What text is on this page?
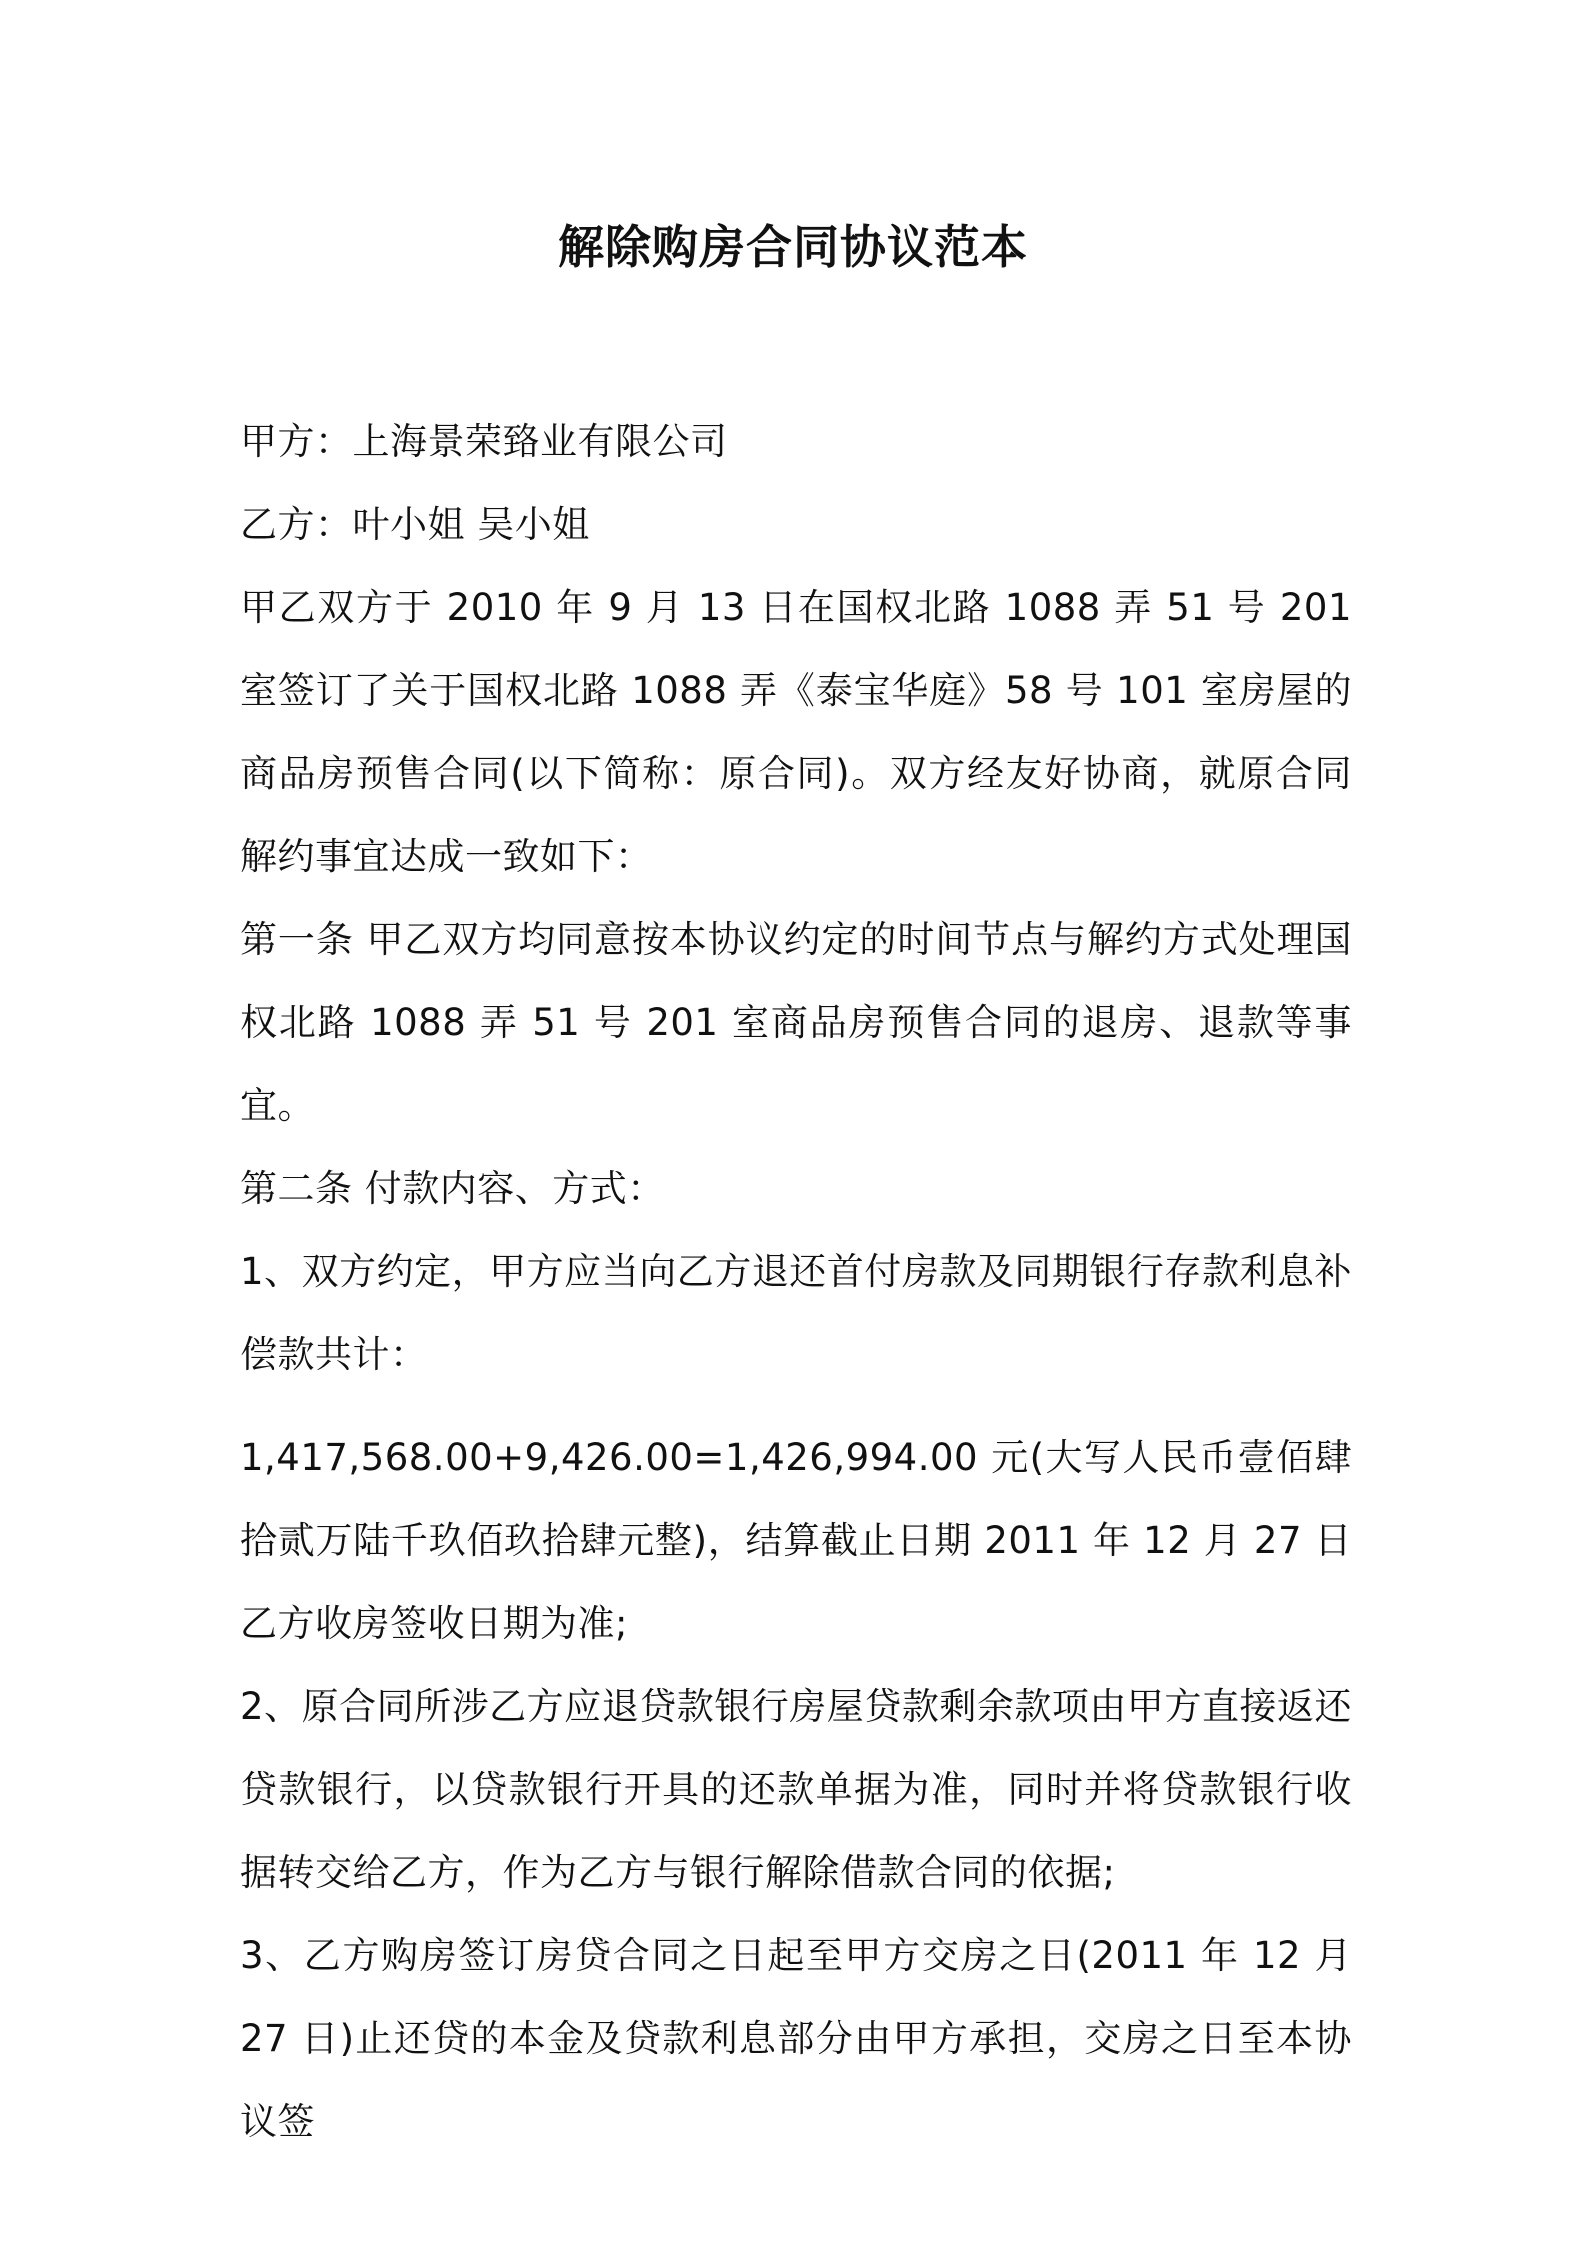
解除购房合同协议范本

甲方：上海景荣臵业有限公司

乙方：叶小姐 吴小姐

甲乙双方于 2010 年 9 月 13 日在国权北路 1088 弄 51 号 201 室签订了关于国权北路 1088 弄《泰宝华庭》58 号 101 室房屋的商品房预售合同(以下简称：原合同)。双方经友好协商，就原合同解约事宜达成一致如下：

第一条 甲乙双方均同意按本协议约定的时间节点与解约方式处理国权北路 1088 弄 51 号 201 室商品房预售合同的退房、退款等事宜。

第二条 付款内容、方式：

1、双方约定，甲方应当向乙方退还首付房款及同期银行存款利息补偿款共计：

1,417,568.00+9,426.00=1,426,994.00 元(大写人民币壹佰肆拾贰万陆千玖佰玖拾肆元整)，结算截止日期 2011 年 12 月 27 日乙方收房签收日期为准;

2、原合同所涉乙方应退贷款银行房屋贷款剩余款项由甲方直接返还贷款银行，以贷款银行开具的还款单据为准，同时并将贷款银行收据转交给乙方，作为乙方与银行解除借款合同的依据;

3、乙方购房签订房贷合同之日起至甲方交房之日(2011 年 12 月 27 日)止还贷的本金及贷款利息部分由甲方承担，交房之日至本协议签
